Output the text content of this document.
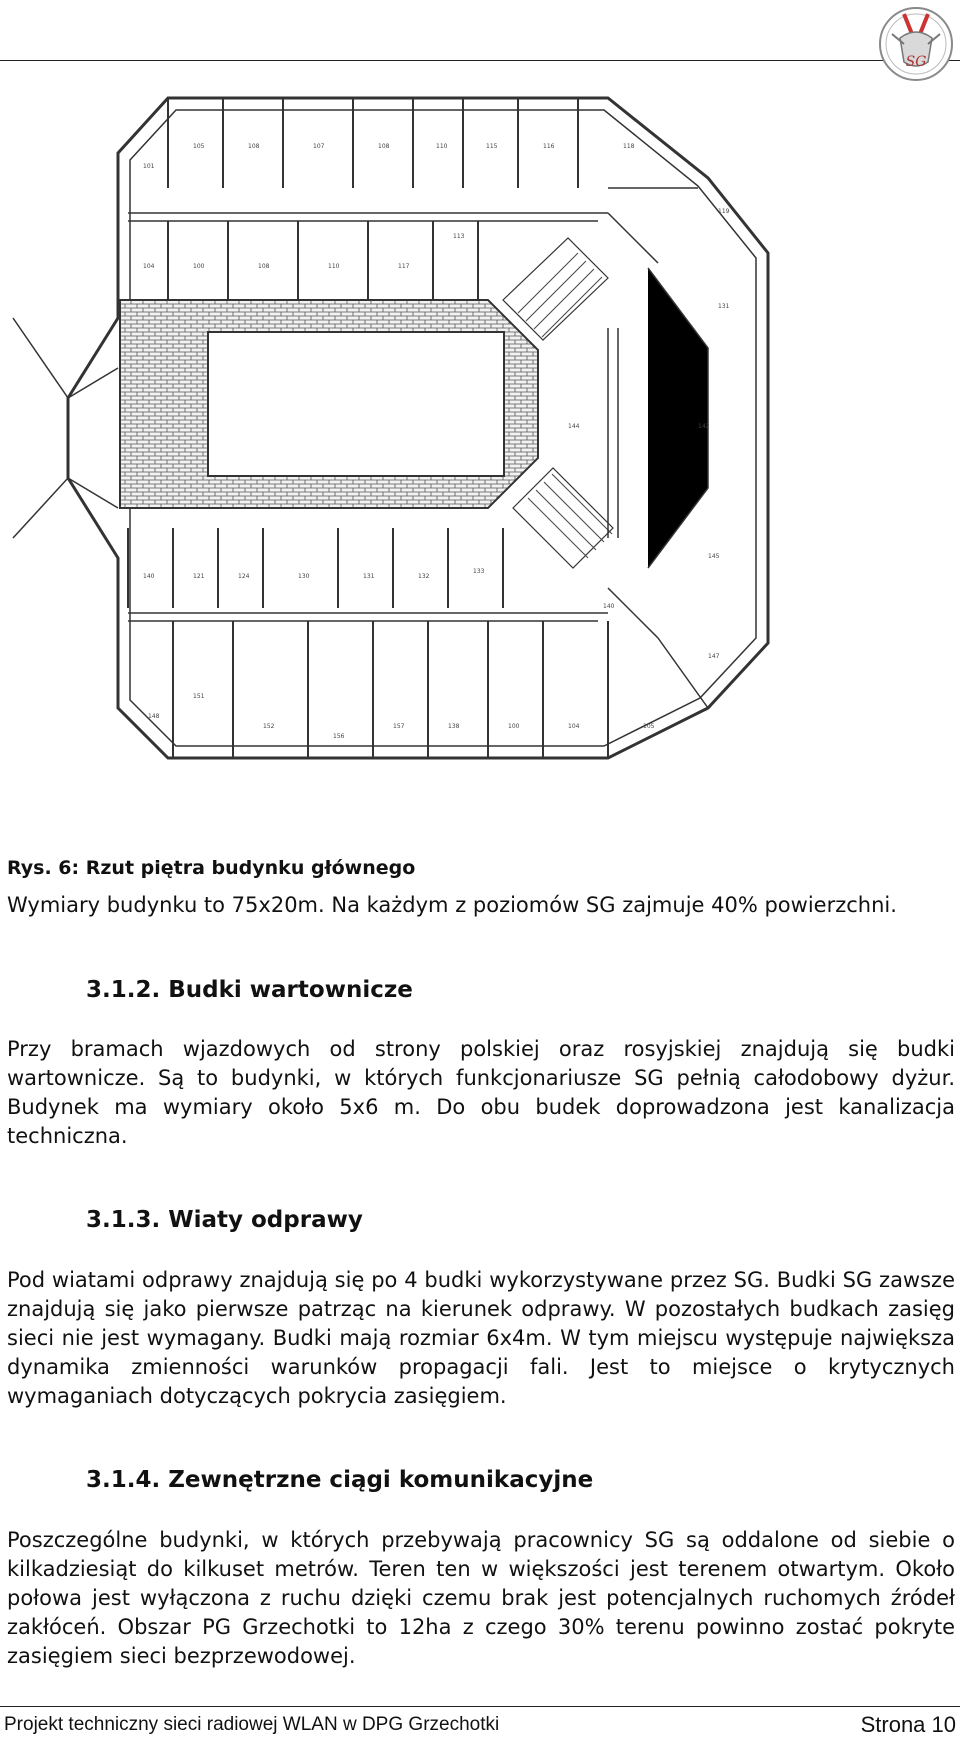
SG
105	108	107	108	110	115	116	118
101
104	100	108	110	117
113
119
131
144	142
140	121	124	130	131	132
133
140
145
147
148
151
152
156
157	138	100	104	105
Rys. 6: Rzut piętra budynku głównego
Wymiary budynku to 75x20m. Na każdym z poziomów SG zajmuje 40% powierzchni.
3.1.2. Budki wartownicze

Przy bramach wjazdowych od strony polskiej oraz rosyjskiej znajdują się budki wartownicze. Są to budynki, w których funkcjonariusze SG pełnią całodobowy dyżur. Budynek ma wymiary około 5x6 m. Do obu budek doprowadzona jest kanalizacja techniczna.

3.1.3. Wiaty odprawy

Pod wiatami odprawy znajdują się po 4 budki wykorzystywane przez SG. Budki SG zawsze znajdują się jako pierwsze patrząc na kierunek odprawy. W pozostałych budkach zasięg sieci nie jest wymagany. Budki mają rozmiar 6x4m. W tym miejscu występuje największa dynamika zmienności warunków propagacji fali. Jest to miejsce o krytycznych wymaganiach dotyczących pokrycia zasięgiem.

3.1.4. Zewnętrzne ciągi komunikacyjne

Poszczególne budynki, w których przebywają pracownicy SG są oddalone od siebie o kilkadziesiąt do kilkuset metrów. Teren ten w większości jest terenem otwartym. Około połowa jest wyłączona z ruchu dzięki czemu brak jest potencjalnych ruchomych źródeł zakłóceń. Obszar PG Grzechotki to 12ha z czego 30% terenu powinno zostać pokryte zasięgiem sieci bezprzewodowej.

Projekt techniczny sieci radiowej WLAN w DPG Grzechotki	Strona 10
